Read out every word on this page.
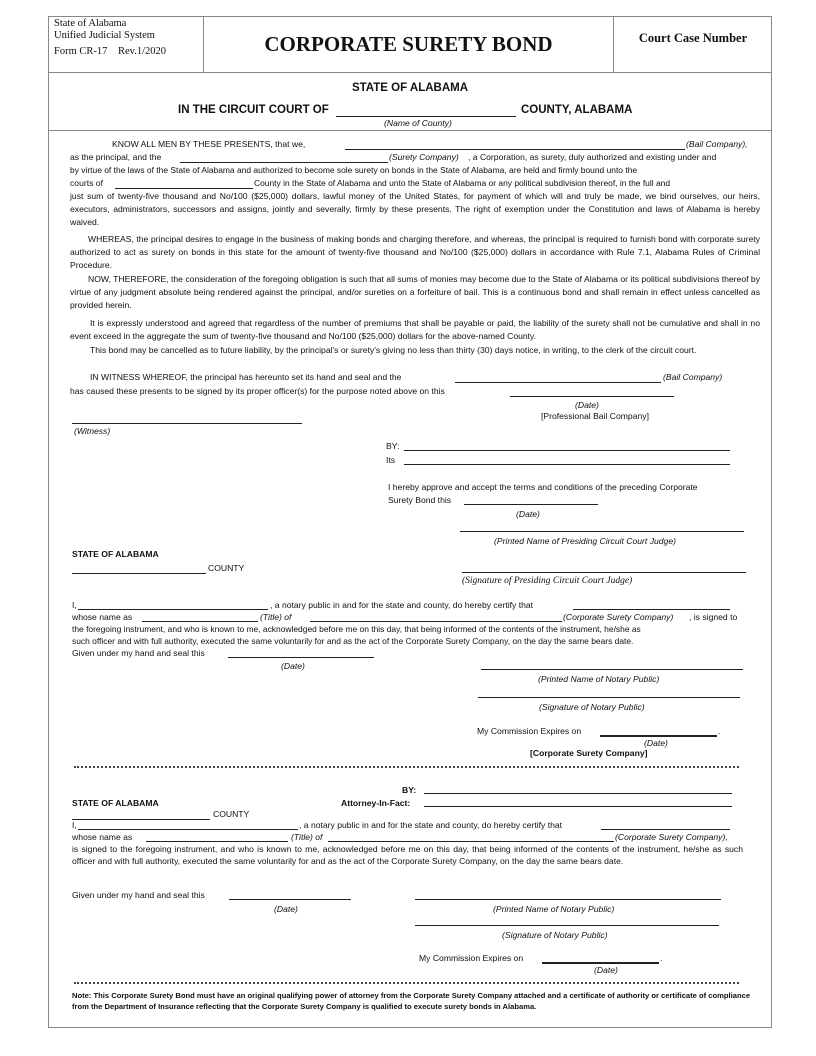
State of Alabama
Unified Judicial System
Form CR-17 Rev.1/2020	CORPORATE SURETY BOND	Court Case Number
STATE OF ALABAMA
IN THE CIRCUIT COURT OF	COUNTY, ALABAMA
(Name of County)
KNOW ALL MEN BY THESE PRESENTS, that we,	(Bail Company),
as the principal, and the	(Surety Company) , a Corporation, as surety, duly authorized and existing under and
by virtue of the laws of the State of Alabama and authorized to become sole surety on bonds in the State of Alabama, are held and firmly bound unto the
courts of	County in the State of Alabama and unto the State of Alabama or any political subdivision thereof, in the full and
just sum of twenty-five thousand and No/100 ($25,000) dollars, lawful money of the United States, for payment of which will and truly be made, we bind ourselves, our heirs, executors, administrators, successors and assigns, jointly and severally, firmly by these presents. The right of exemption under the Constitution and laws of Alabama is hereby waived.
WHEREAS, the principal desires to engage in the business of making bonds and charging therefore, and whereas, the principal is required to furnish bond with corporate surety authorized to act as surety on bonds in this state for the amount of twenty-five thousand and No/100 ($25,000) dollars in accordance with Rule 7.1, Alabama Rules of Criminal Procedure.
NOW, THEREFORE, the consideration of the foregoing obligation is such that all sums of monies may become due to the State of Alabama or its political subdivisions thereof by virtue of any judgment absolute being rendered against the principal, and/or sureties on a forfeiture of bail. This is a continuous bond and shall remain in effect unless cancelled as provided herein.
It is expressly understood and agreed that regardless of the number of premiums that shall be payable or paid, the liability of the surety shall not be cumulative and shall in no event exceed in the aggregate the sum of twenty-five thousand and No/100 ($25,000) dollars for the above-named County.
This bond may be cancelled as to future liability, by the principal's or surety's giving no less than thirty (30) days notice, in writing, to the clerk of the circuit court.
IN WITNESS WHEREOF, the principal has hereunto set its hand and seal and the	(Bail Company)
has caused these presents to be signed by its proper officer(s) for the purpose noted above on this
(Date)
[Professional Bail Company]
(Witness)
BY:
Its
I hereby approve and accept the terms and conditions of the preceding Corporate
Surety Bond this
(Date)
(Printed Name of Presiding Circuit Court Judge)
STATE OF ALABAMA
COUNTY
(Signature of Presiding Circuit Court Judge)
I,	, a notary public in and for the state and county, do hereby certify that
whose name as	(Title) of	(Corporate Surety Company) , is signed to
the foregoing instrument, and who is known to me, acknowledged before me on this day, that being informed of the contents of the instrument, he/she as
such officer and with full authority, executed the same voluntarily for and as the act of the Corporate Surety Company, on the day the same bears date.
Given under my hand and seal this
(Date)
(Printed Name of Notary Public)
(Signature of Notary Public)
My Commission Expires on	.
(Date)
[Corporate Surety Company]
BY:
STATE OF ALABAMA	Attorney-In-Fact:
COUNTY
I,	, a notary public in and for the state and county, do hereby certify that
whose name as	(Title) of	(Corporate Surety Company),
is signed to the foregoing instrument, and who is known to me, acknowledged before me on this day, that being informed of the contents of the instrument, he/she as such officer and with full authority, executed the same voluntarily for and as the act of the Corporate Surety Company, on the day the same bears date.
Given under my hand and seal this
(Date)	(Printed Name of Notary Public)
(Signature of Notary Public)
My Commission Expires on	.
(Date)
Note: This Corporate Surety Bond must have an original qualifying power of attorney from the Corporate Surety Company attached and a certificate of authority or certificate of compliance from the Department of Insurance reflecting that the Corporate Surety Company is qualified to execute surety bonds in Alabama.
